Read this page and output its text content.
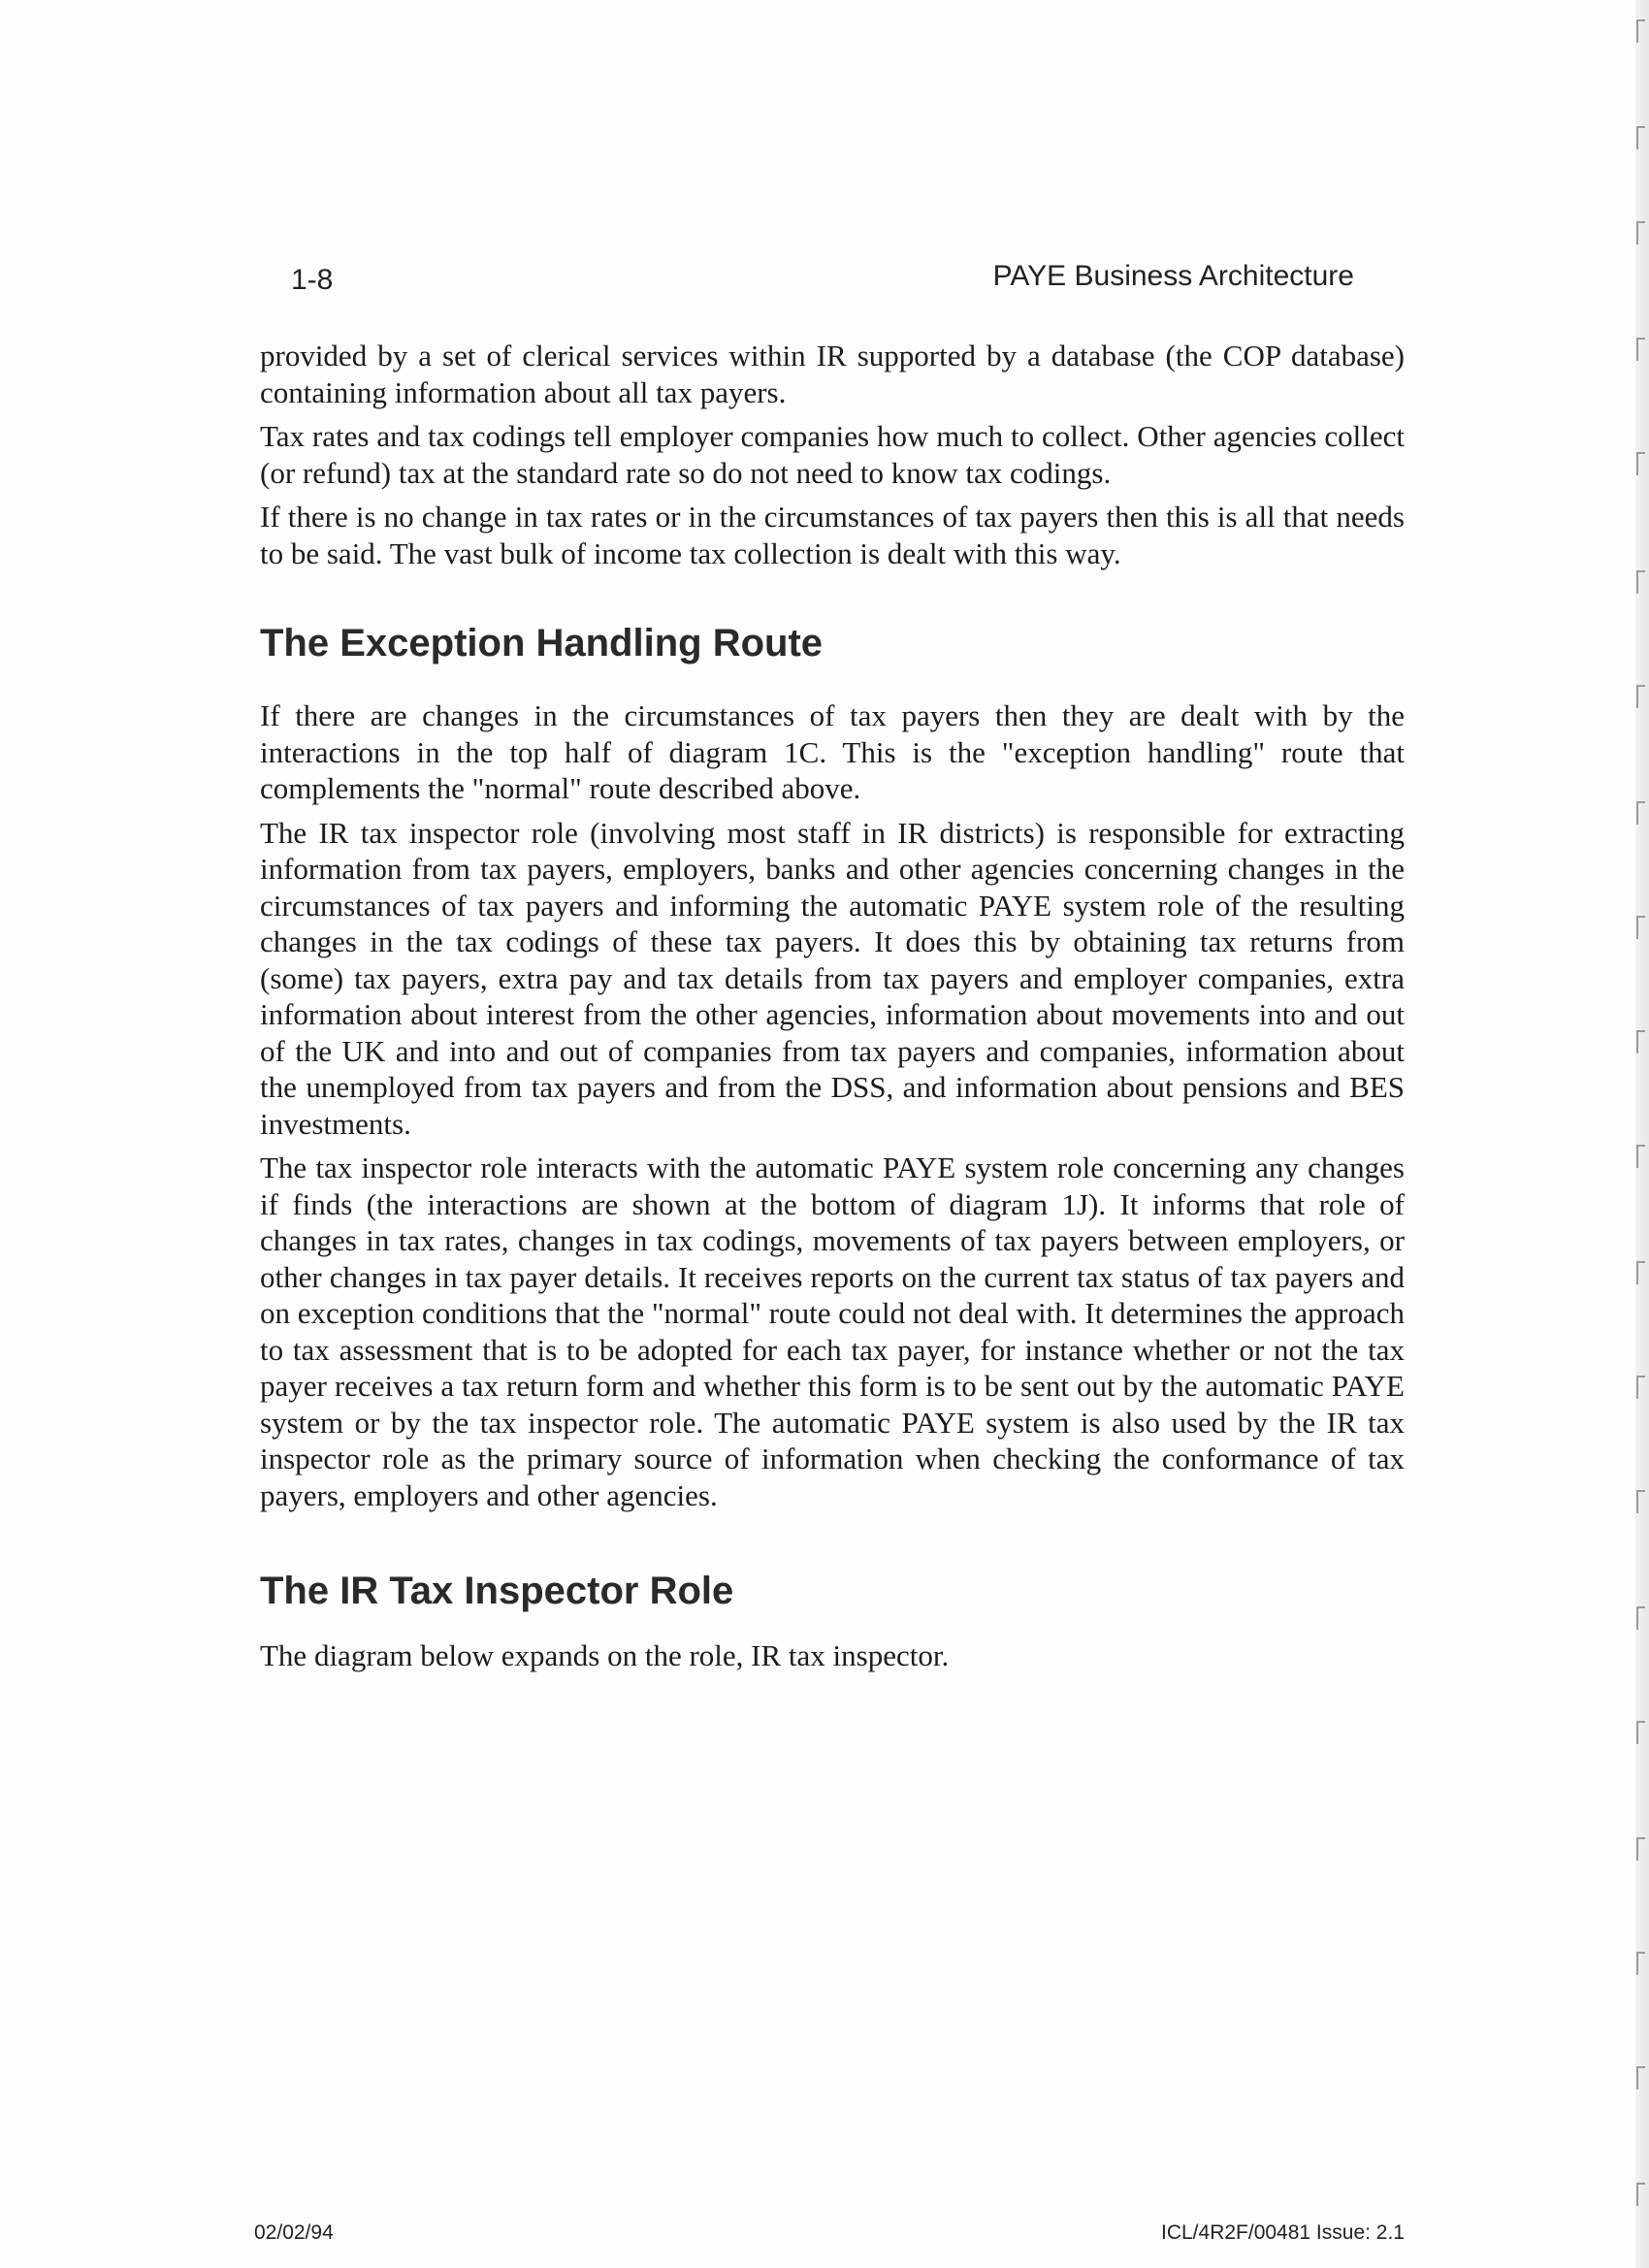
1-8	PAYE Business Architecture

provided by a set of clerical services within IR supported by a database (the COP database) containing information about all tax payers.

Tax rates and tax codings tell employer companies how much to collect. Other agencies collect (or refund) tax at the standard rate so do not need to know tax codings.

If there is no change in tax rates or in the circumstances of tax payers then this is all that needs to be said. The vast bulk of income tax collection is dealt with this way.

The Exception Handling Route

If there are changes in the circumstances of tax payers then they are dealt with by the interactions in the top half of diagram 1C. This is the "exception handling" route that complements the "normal" route described above.

The IR tax inspector role (involving most staff in IR districts) is responsible for extracting information from tax payers, employers, banks and other agencies concerning changes in the circumstances of tax payers and informing the automatic PAYE system role of the resulting changes in the tax codings of these tax payers. It does this by obtaining tax returns from (some) tax payers, extra pay and tax details from tax payers and employer companies, extra information about interest from the other agencies, information about movements into and out of the UK and into and out of companies from tax payers and companies, information about the unemployed from tax payers and from the DSS, and information about pensions and BES investments.

The tax inspector role interacts with the automatic PAYE system role concerning any changes if finds (the interactions are shown at the bottom of diagram 1J). It informs that role of changes in tax rates, changes in tax codings, movements of tax payers between employers, or other changes in tax payer details. It receives reports on the current tax status of tax payers and on exception conditions that the "normal" route could not deal with. It determines the approach to tax assessment that is to be adopted for each tax payer, for instance whether or not the tax payer receives a tax return form and whether this form is to be sent out by the automatic PAYE system or by the tax inspector role. The automatic PAYE system is also used by the IR tax inspector role as the primary source of information when checking the conformance of tax payers, employers and other agencies.

The IR Tax Inspector Role

The diagram below expands on the role, IR tax inspector.

02/02/94	ICL/4R2F/00481 Issue: 2.1
